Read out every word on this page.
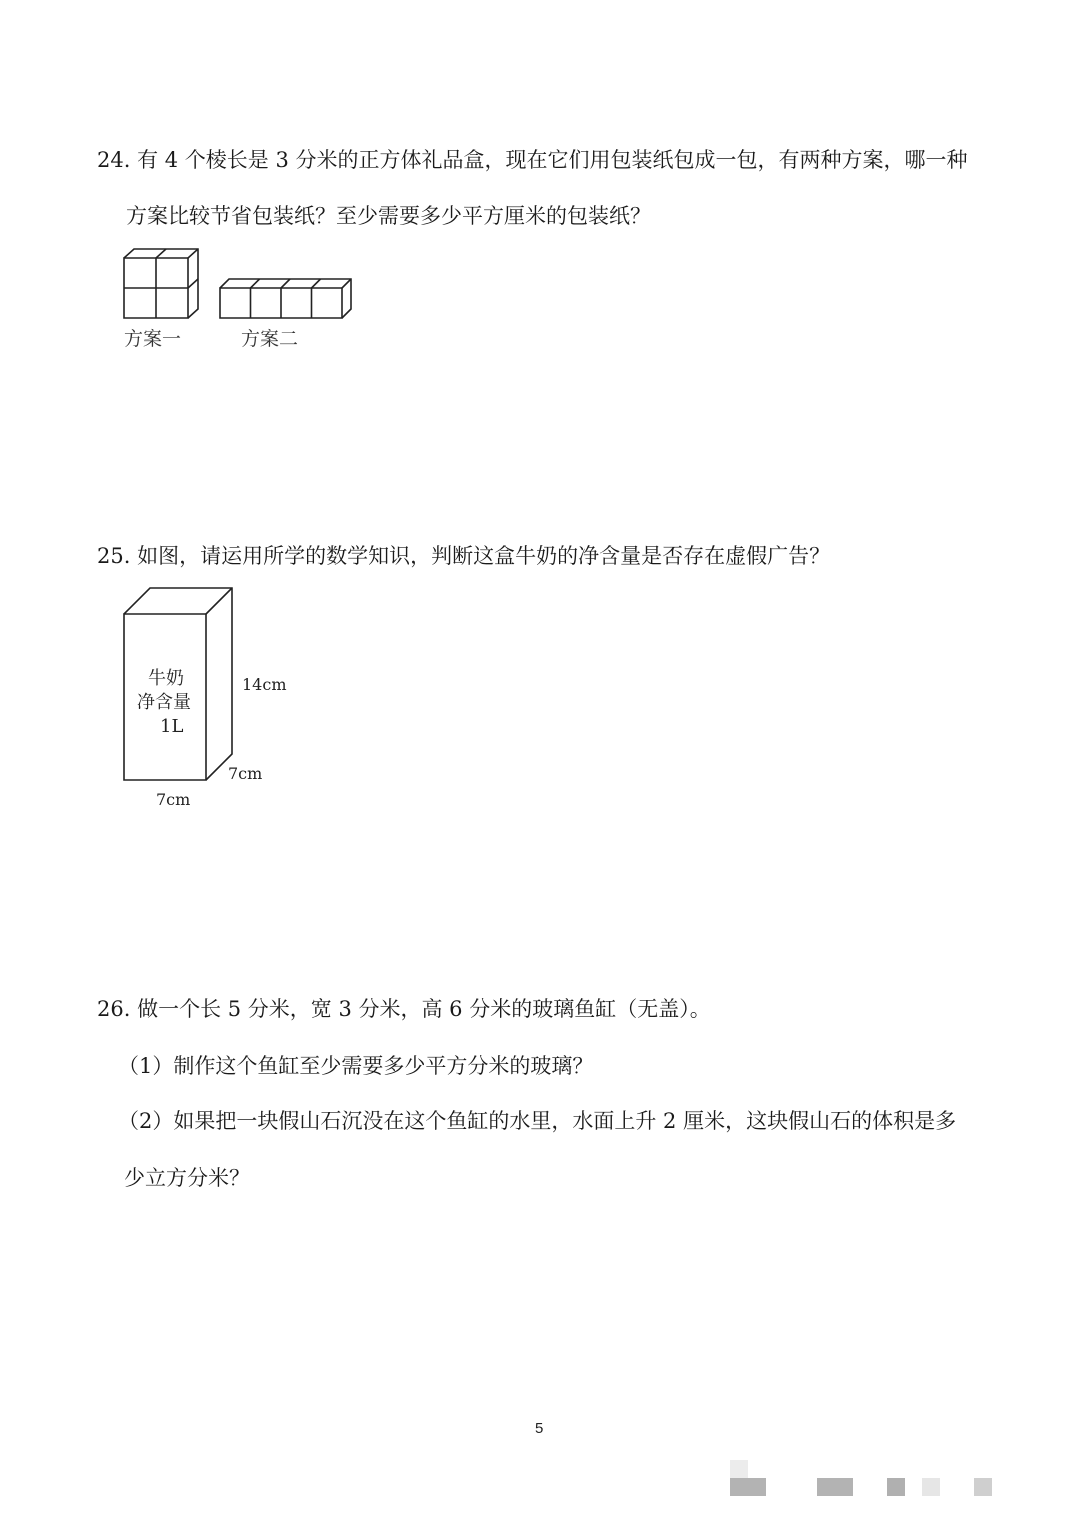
24. 有 4 个棱长是 3 分米的正方体礼品盒，现在它们用包装纸包成一包，有两种方案，哪一种
方案比较节省包装纸？至少需要多少平方厘米的包装纸？
方案一	方案二
25. 如图，请运用所学的数学知识，判断这盒牛奶的净含量是否存在虚假广告？
牛奶
净含量
1L
14cm
7cm
7cm
26. 做一个长 5 分米，宽 3 分米，高 6 分米的玻璃鱼缸（无盖）。
（1）制作这个鱼缸至少需要多少平方分米的玻璃？
（2）如果把一块假山石沉没在这个鱼缸的水里，水面上升 2 厘米，这块假山石的体积是多
少立方分米？
5
